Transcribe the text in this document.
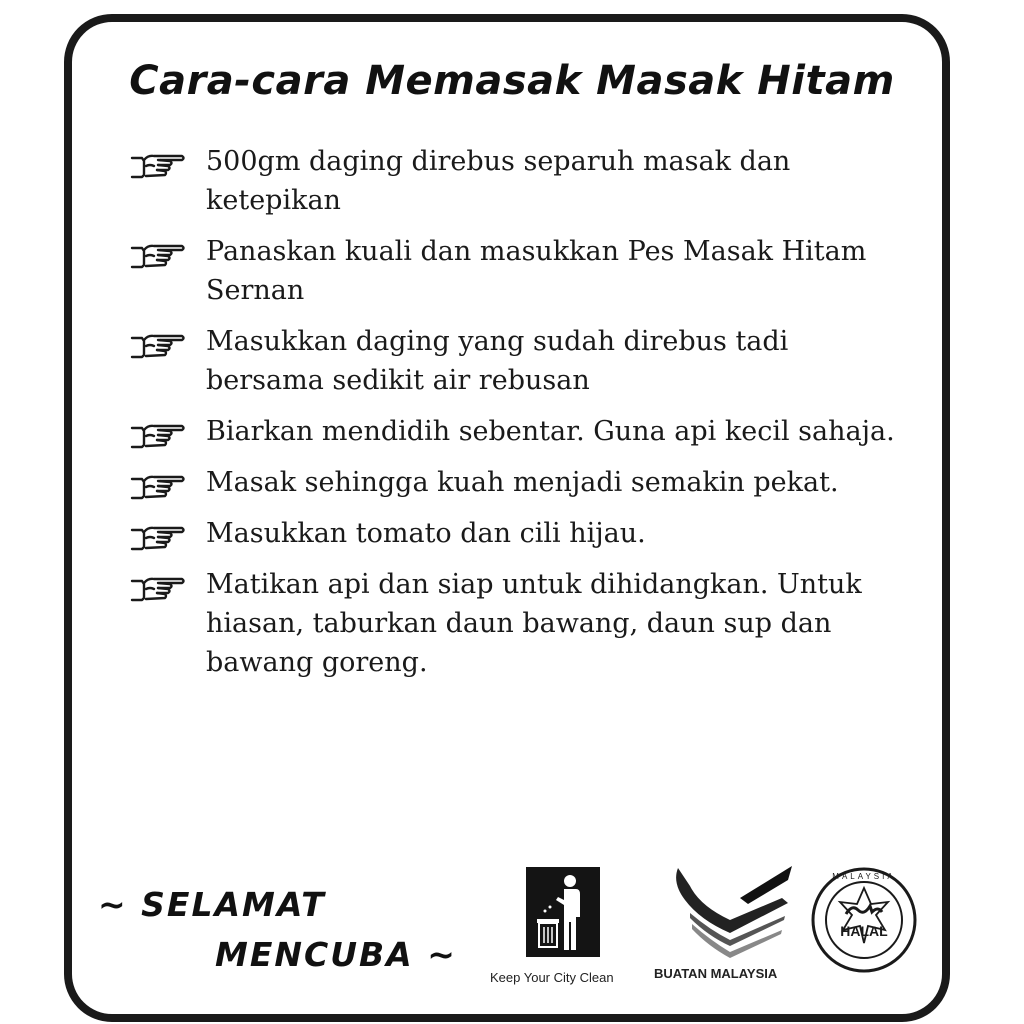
Cara-cara Memasak Masak Hitam
500gm daging direbus separuh masak dan ketepikan
Panaskan kuali dan masukkan Pes Masak Hitam Sernan
Masukkan daging yang sudah direbus tadi bersama sedikit air rebusan
Biarkan mendidih sebentar. Guna api kecil sahaja.
Masak sehingga kuah menjadi semakin pekat.
Masukkan tomato dan cili hijau.
Matikan api dan siap untuk dihidangkan. Untuk hiasan, taburkan daun bawang, daun sup dan bawang goreng.
~ SELAMAT
MENCUBA ~
Keep Your City Clean	BUATAN MALAYSIA
HALAL
MALAYSIA
